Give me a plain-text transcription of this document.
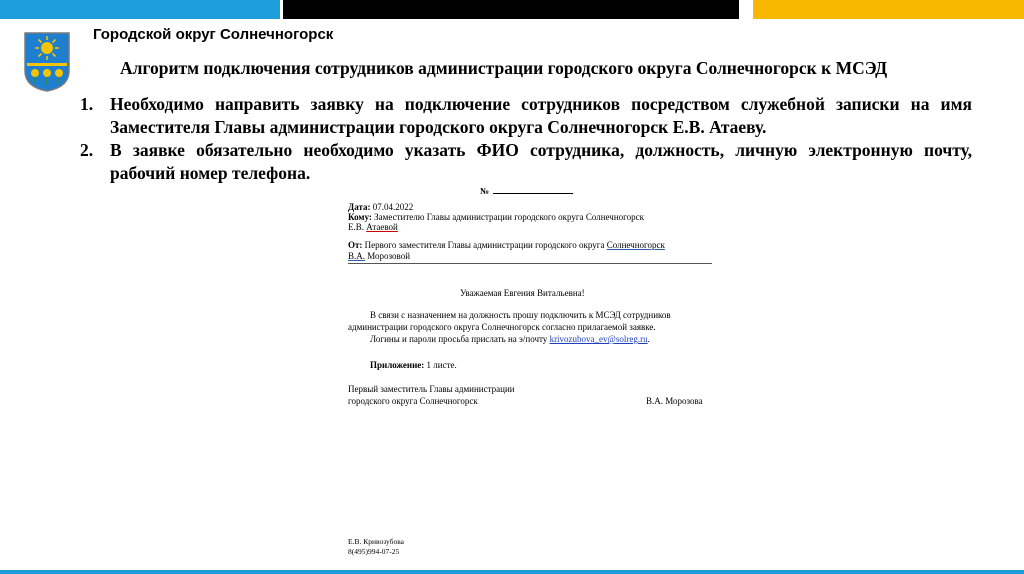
Городской округ Солнечногорск
Алгоритм подключения сотрудников администрации городского округа Солнечногорск к МСЭД
1. Необходимо направить заявку на подключение сотрудников посредством служебной записки на имя Заместителя Главы администрации городского округа Солнечногорск Е.В. Атаеву.
2. В заявке обязательно необходимо указать ФИО сотрудника, должность, личную электронную почту, рабочий номер телефона.
№
Дата: 07.04.2022
Кому: Заместителю Главы администрации городского округа Солнечногорск
Е.В. Атаевой
От: Первого заместителя Главы администрации городского округа Солнечногорск
В.А. Морозовой
Уважаемая Евгения Витальевна!
В связи с назначением на должность прошу подключить к МСЭД сотрудников
администрации городского округа Солнечногорск согласно прилагаемой заявке.
Логины и пароли просьба прислать на э/почту krivozubova_ev@solreg.ru.
Приложение: 1 листе.
Первый заместитель Главы администрации
городского округа Солнечногорск	В.А. Морозова
Е.В. Кривозубова
8(495)994-07-25
